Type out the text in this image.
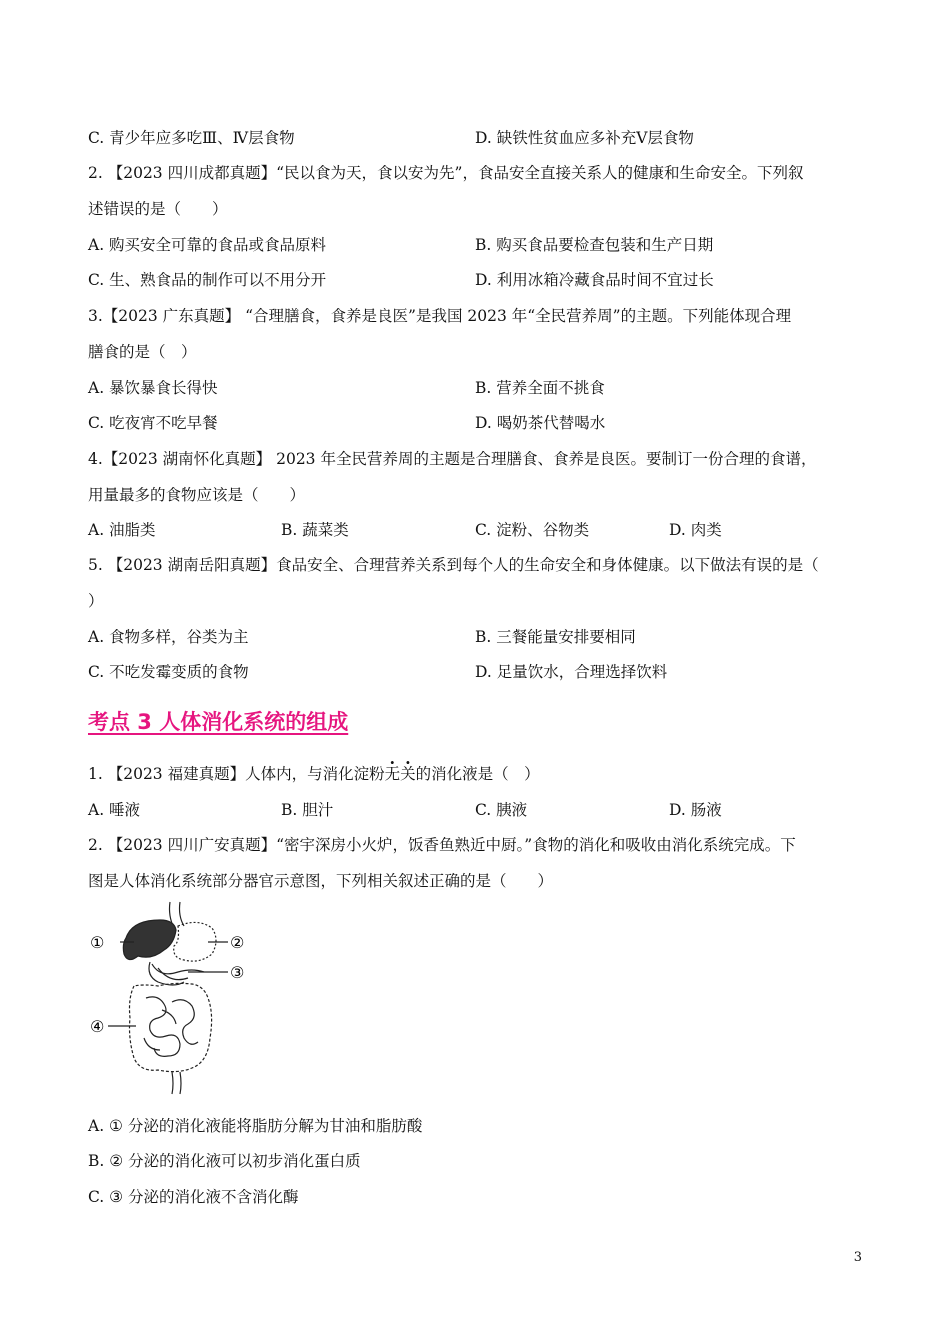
C. 青少年应多吃Ⅲ、Ⅳ层食物	D. 缺铁性贫血应多补充Ⅴ层食物
2. 【2023 四川成都真题】“民以食为天，食以安为先”，食品安全直接关系人的健康和生命安全。下列叙
述错误的是（　　）
A. 购买安全可靠的食品或食品原料	B. 购买食品要检查包装和生产日期
C. 生、熟食品的制作可以不用分开	D. 利用冰箱冷藏食品时间不宜过长
3.【2023 广东真题】 “合理膳食，食养是良医”是我国 2023 年“全民营养周”的主题。下列能体现合理
膳食的是（　）
A. 暴饮暴食长得快	B. 营养全面不挑食
C. 吃夜宵不吃早餐	D. 喝奶茶代替喝水
4.【2023 湖南怀化真题】 2023 年全民营养周的主题是合理膳食、食养是良医。要制订一份合理的食谱，
用量最多的食物应该是（　　）
A. 油脂类	B. 蔬菜类	C. 淀粉、谷物类	D. 肉类
5. 【2023 湖南岳阳真题】食品安全、合理营养关系到每个人的生命安全和身体健康。以下做法有误的是（
）
A. 食物多样，谷类为主	B. 三餐能量安排要相同
C. 不吃发霉变质的食物	D. 足量饮水，合理选择饮料
考点 3 人体消化系统的组成
1. 【2023 福建真题】人体内，与消化淀粉无关的消化液是（　）
A. 唾液	B. 胆汁	C. 胰液	D. 肠液
2. 【2023 四川广安真题】“密宇深房小火炉，饭香鱼熟近中厨。”食物的消化和吸收由消化系统完成。下
图是人体消化系统部分器官示意图，下列相关叙述正确的是（　　）
①	②
③
④
A. ① 分泌的消化液能将脂肪分解为甘油和脂肪酸
B. ② 分泌的消化液可以初步消化蛋白质
C. ③ 分泌的消化液不含消化酶
3
